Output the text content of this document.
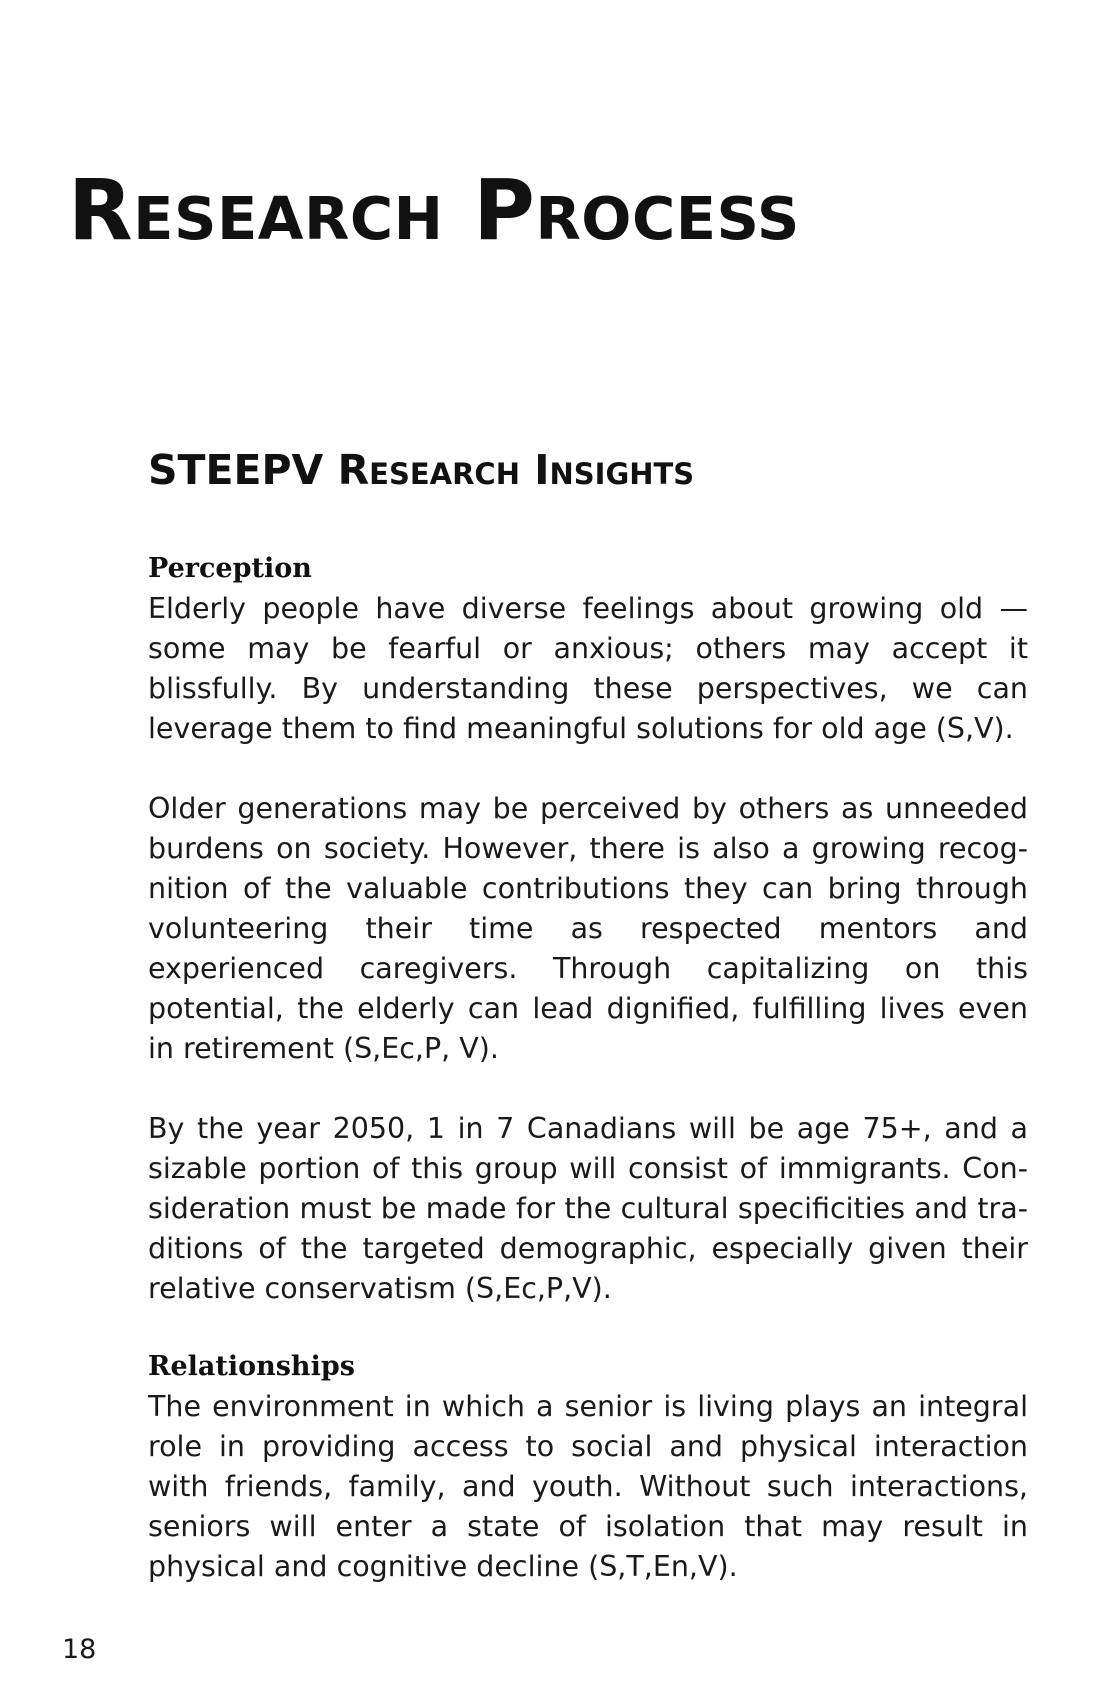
Research Process
STEEPV Research Insights
Perception

Elderly people have diverse feelings about growing old — some may be fearful or anxious; others may accept it blissfully. By understanding these perspectives, we can leverage them to find meaningful solutions for old age (S,V).

Older generations may be perceived by others as unneeded burdens on society. However, there is also a growing recognition of the valuable contributions they can bring through volunteering their time as respected mentors and experienced caregivers. Through capitalizing on this potential, the elderly can lead dignified, fulfilling lives even in retirement (S,Ec,P, V).

By the year 2050, 1 in 7 Canadians will be age 75+, and a sizable portion of this group will consist of immigrants. Consideration must be made for the cultural specificities and traditions of the targeted demographic, especially given their relative conservatism (S,Ec,P,V).

Relationships

The environment in which a senior is living plays an integral role in providing access to social and physical interaction with friends, family, and youth. Without such interactions, seniors will enter a state of isolation that may result in physical and cognitive decline (S,T,En,V).

18
